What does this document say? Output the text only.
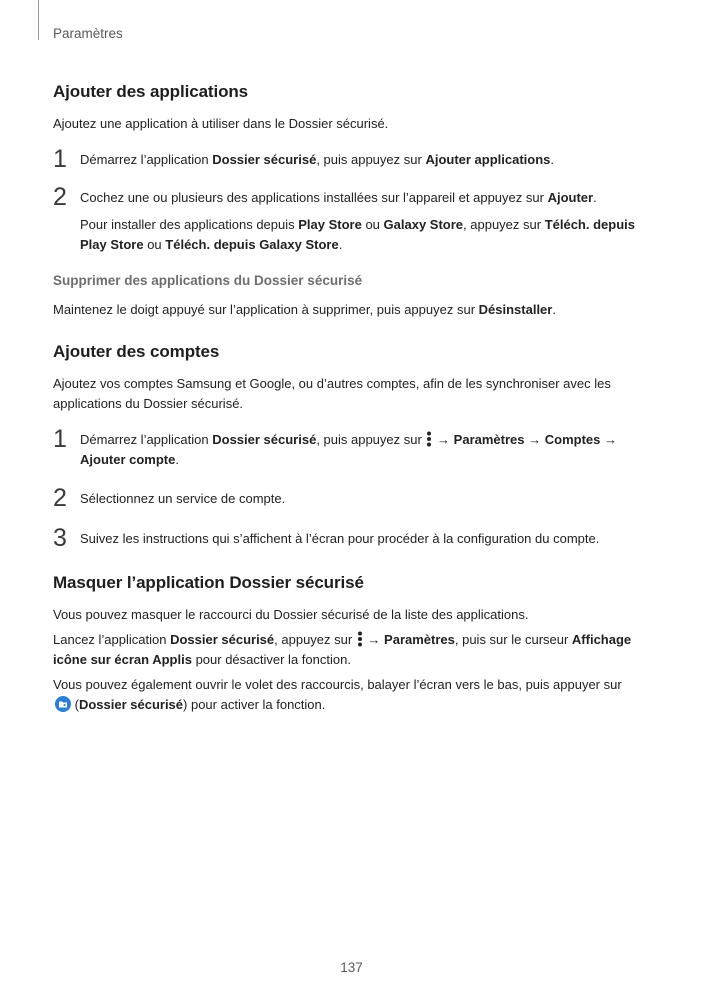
Paramètres
Ajouter des applications

Ajoutez une application à utiliser dans le Dossier sécurisé.

1 Démarrez l’application Dossier sécurisé, puis appuyez sur Ajouter applications.
2 Cochez une ou plusieurs des applications installées sur l’appareil et appuyez sur Ajouter.
Pour installer des applications depuis Play Store ou Galaxy Store, appuyez sur Téléch. depuis Play Store ou Téléch. depuis Galaxy Store.
Supprimer des applications du Dossier sécurisé

Maintenez le doigt appuyé sur l’application à supprimer, puis appuyez sur Désinstaller.

Ajouter des comptes

Ajoutez vos comptes Samsung et Google, ou d’autres comptes, afin de les synchroniser avec les applications du Dossier sécurisé.

1 Démarrez l’application Dossier sécurisé, puis appuyez sur  → Paramètres → Comptes → Ajouter compte.
2 Sélectionnez un service de compte.
3 Suivez les instructions qui s’affichent à l’écran pour procéder à la configuration du compte.
Masquer l’application Dossier sécurisé

Vous pouvez masquer le raccourci du Dossier sécurisé de la liste des applications.

Lancez l’application Dossier sécurisé, appuyez sur  → Paramètres, puis sur le curseur Affichage icône sur écran Applis pour désactiver la fonction.

Vous pouvez également ouvrir le volet des raccourcis, balayer l’écran vers le bas, puis appuyer sur  (Dossier sécurisé) pour activer la fonction.

137
